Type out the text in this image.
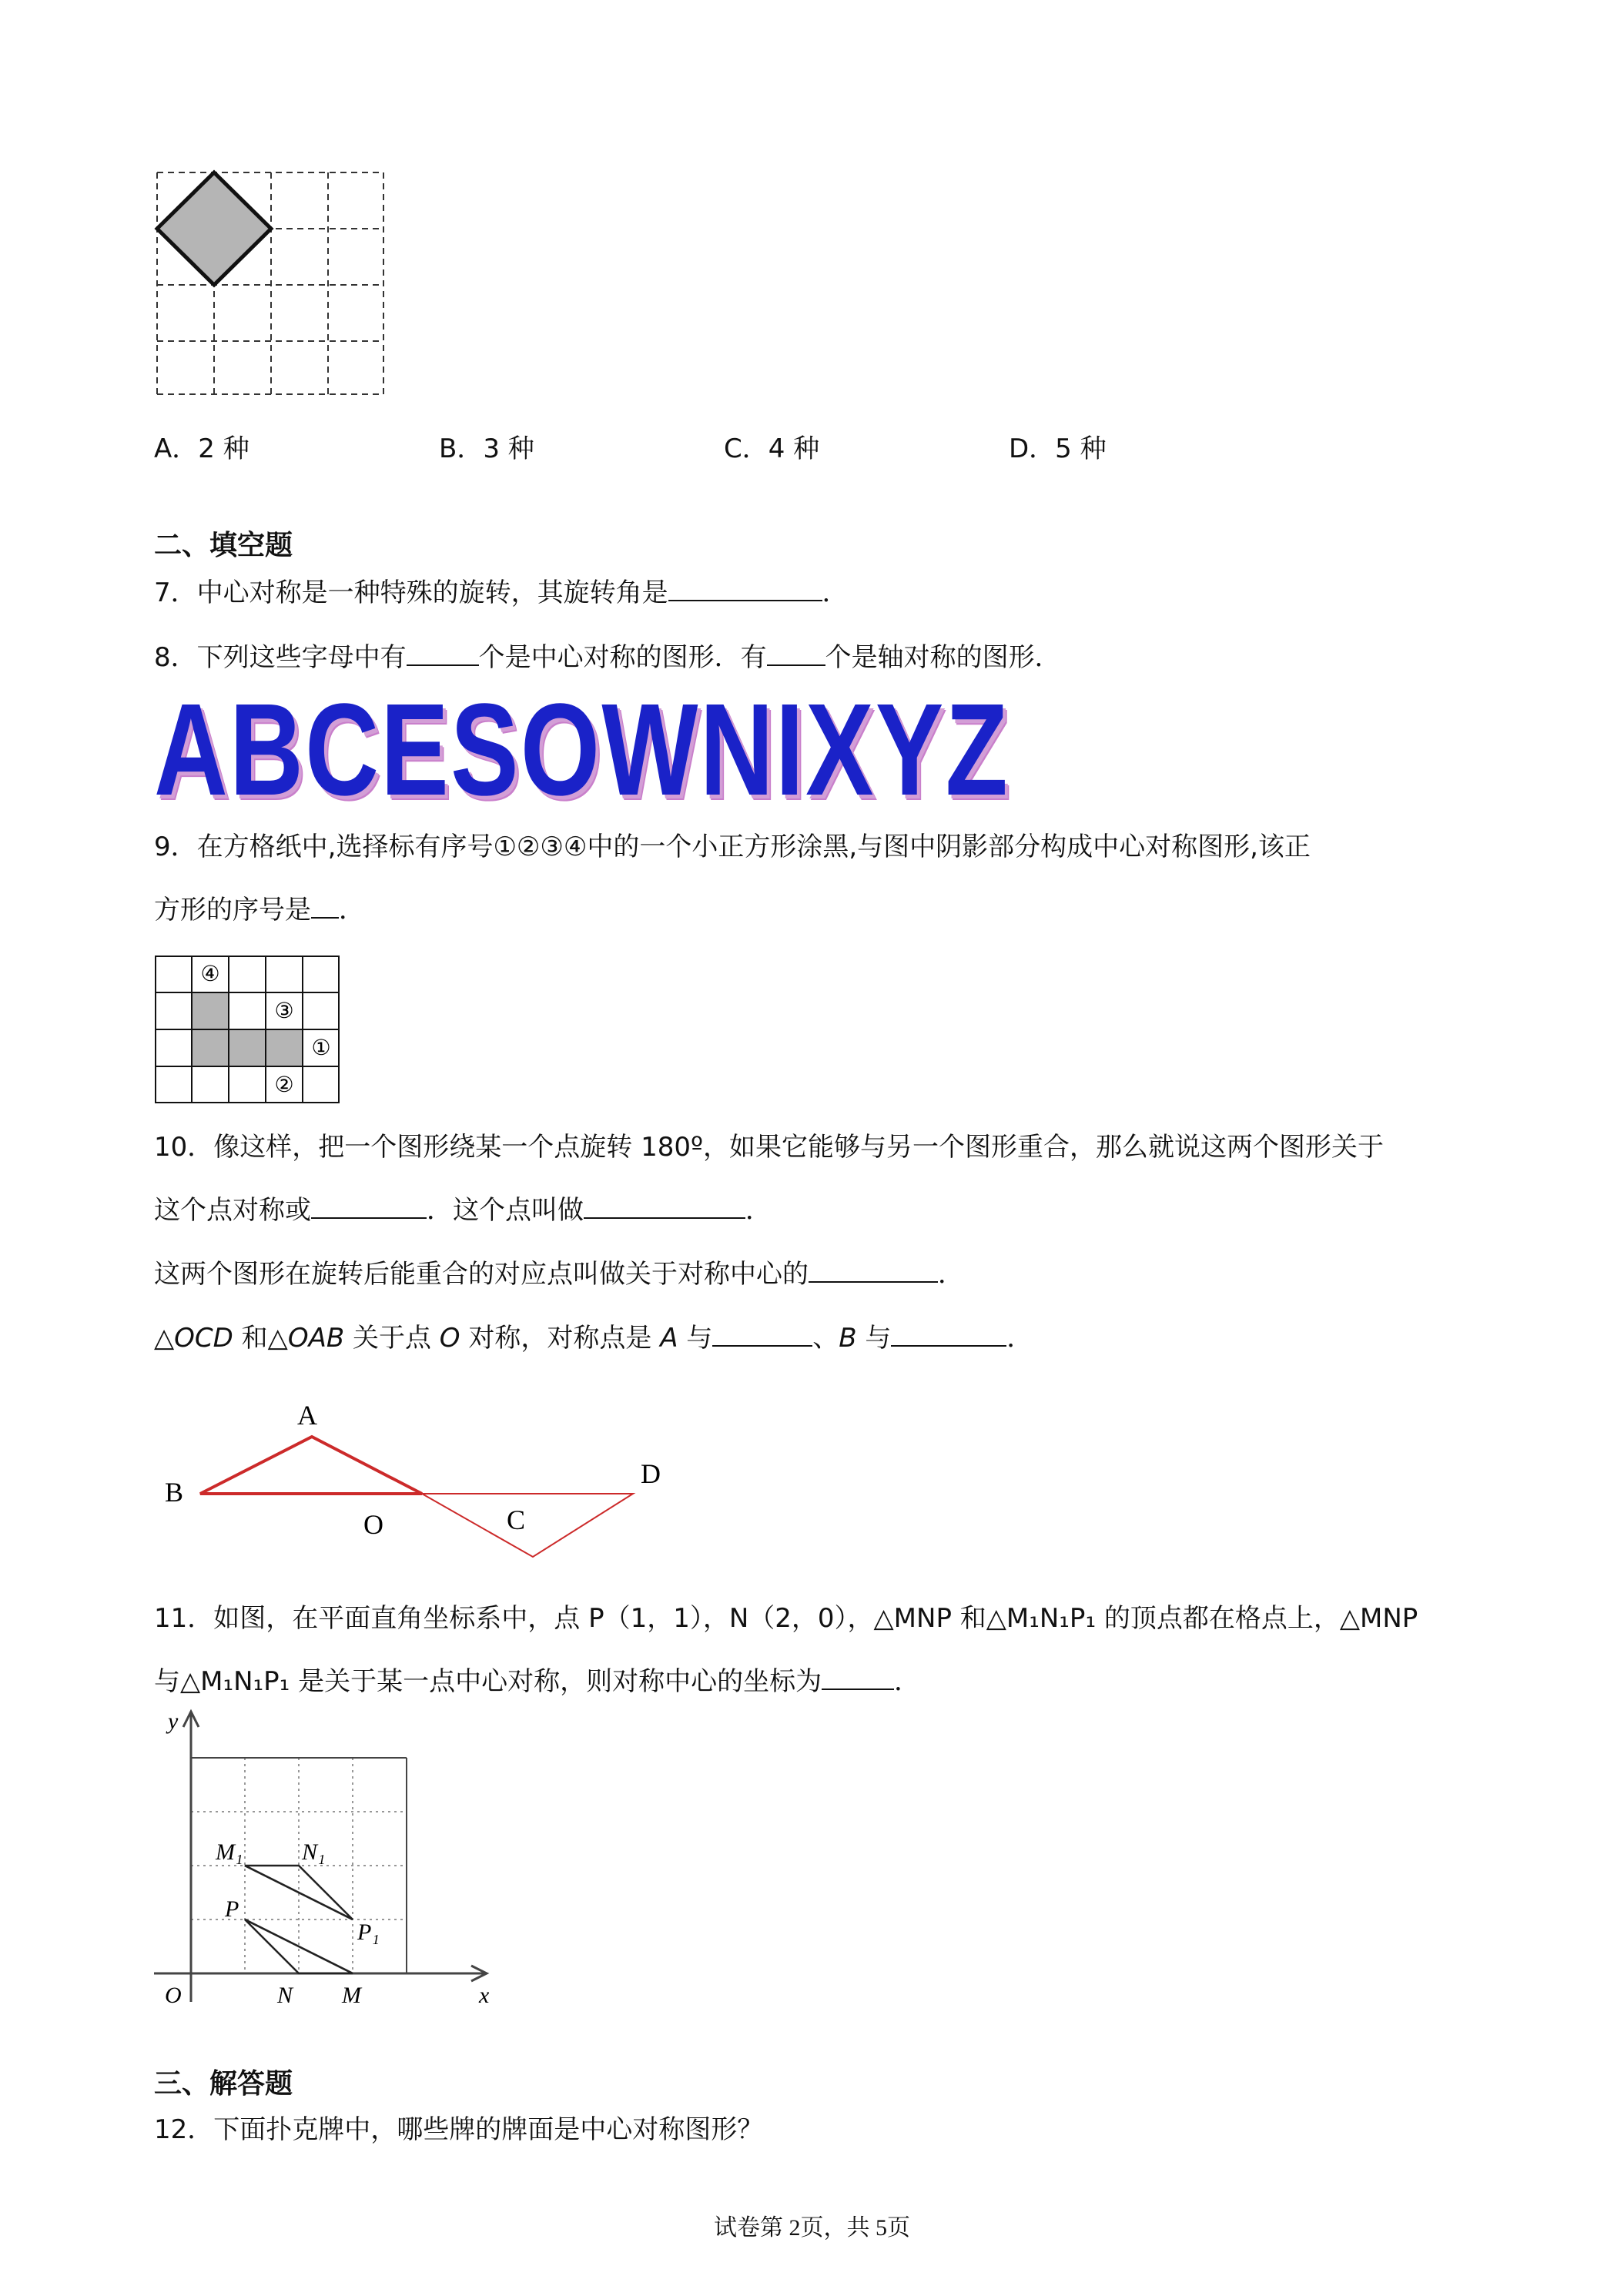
A．2 种	B．3 种	C．4 种	D．5 种
二、填空题
7．中心对称是一种特殊的旋转，其旋转角是	．
8．下列这些字母中有	个是中心对称的图形．有 个是轴对称的图形．
ABCESOWNIXYZ
9．在方格纸中,选择标有序号①②③④中的一个小正方形涂黑,与图中阴影部分构成中心对称图形,该正
方形的序号是 ．
④
③
①
②
10．像这样，把一个图形绕某一个点旋转 180º，如果它能够与另一个图形重合，那么就说这两个图形关于
这个点对称或	．这个点叫做	．
这两个图形在旋转后能重合的对应点叫做关于对称中心的	．
△OCD 和△OAB 关于点 O 对称，对称点是 A 与	、B 与	．
A
B
O	C
D
11．如图，在平面直角坐标系中，点 P（1，1），N（2，0），△MNP 和△M₁N₁P₁ 的顶点都在格点上，△MNP
与△M₁N₁P₁ 是关于某一点中心对称，则对称中心的坐标为	．
y
x
O	N M
P
M₁	N₁
P₁
三、解答题
12．下面扑克牌中，哪些牌的牌面是中心对称图形？
试卷第 2页，共 5页
